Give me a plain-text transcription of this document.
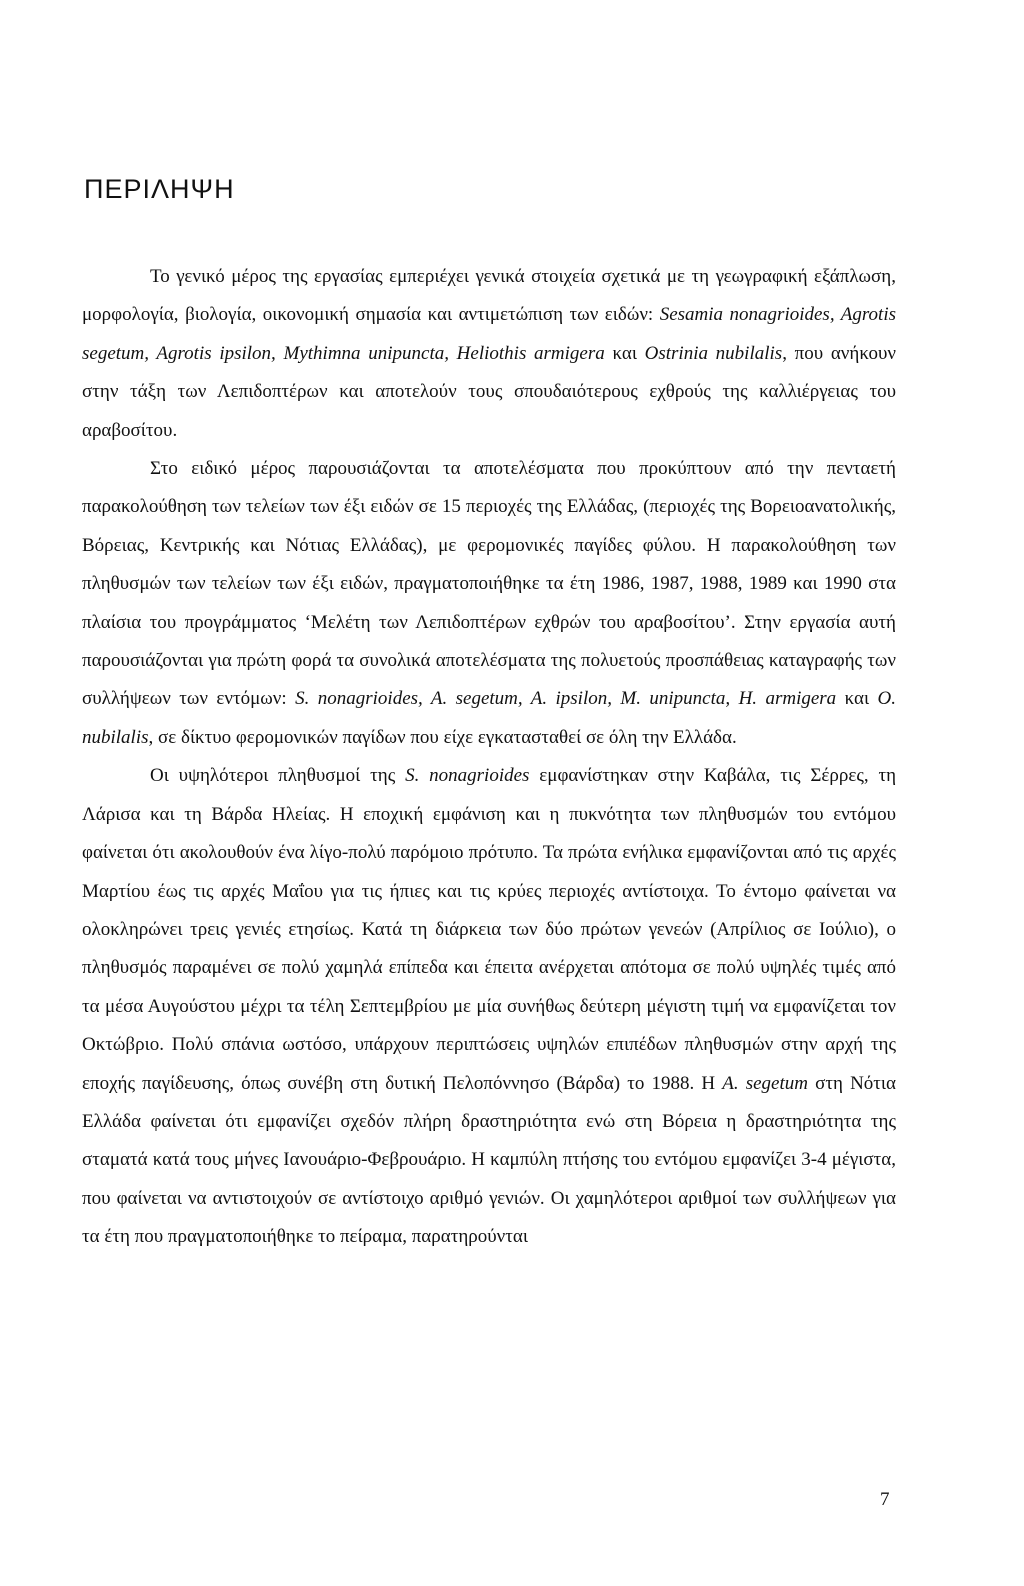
ΠΕΡΙΛΗΨΗ

Το γενικό μέρος της εργασίας εμπεριέχει γενικά στοιχεία σχετικά με τη γεωγραφική εξάπλωση, μορφολογία, βιολογία, οικονομική σημασία και αντιμετώπιση των ειδών: Sesamia nonagrioides, Agrotis segetum, Agrotis ipsilon, Mythimna unipuncta, Heliothis armigera και Ostrinia nubilalis, που ανήκουν στην τάξη των Λεπιδοπτέρων και αποτελούν τους σπουδαιότερους εχθρούς της καλλιέργειας του αραβοσίτου.

Στο ειδικό μέρος παρουσιάζονται τα αποτελέσματα που προκύπτουν από την πενταετή παρακολούθηση των τελείων των έξι ειδών σε 15 περιοχές της Ελλάδας, (περιοχές της Βορειοανατολικής, Βόρειας, Κεντρικής και Νότιας Ελλάδας), με φερομονικές παγίδες φύλου. Η παρακολούθηση των πληθυσμών των τελείων των έξι ειδών, πραγματοποιήθηκε τα έτη 1986, 1987, 1988, 1989 και 1990 στα πλαίσια του προγράμματος ‘Μελέτη των Λεπιδοπτέρων εχθρών του αραβοσίτου’. Στην εργασία αυτή παρουσιάζονται για πρώτη φορά τα συνολικά αποτελέσματα της πολυετούς προσπάθειας καταγραφής των συλλήψεων των εντόμων: S. nonagrioides, A. segetum, A. ipsilon, M. unipuncta, H. armigera και O. nubilalis, σε δίκτυο φερομονικών παγίδων που είχε εγκατασταθεί σε όλη την Ελλάδα.

Οι υψηλότεροι πληθυσμοί της S. nonagrioides εμφανίστηκαν στην Καβάλα, τις Σέρρες, τη Λάρισα και τη Βάρδα Ηλείας. Η εποχική εμφάνιση και η πυκνότητα των πληθυσμών του εντόμου φαίνεται ότι ακολουθούν ένα λίγο-πολύ παρόμοιο πρότυπο. Τα πρώτα ενήλικα εμφανίζονται από τις αρχές Μαρτίου έως τις αρχές Μαΐου για τις ήπιες και τις κρύες περιοχές αντίστοιχα. Το έντομο φαίνεται να ολοκληρώνει τρεις γενιές ετησίως. Κατά τη διάρκεια των δύο πρώτων γενεών (Απρίλιος σε Ιούλιο), ο πληθυσμός παραμένει σε πολύ χαμηλά επίπεδα και έπειτα ανέρχεται απότομα σε πολύ υψηλές τιμές από τα μέσα Αυγούστου μέχρι τα τέλη Σεπτεμβρίου με μία συνήθως δεύτερη μέγιστη τιμή να εμφανίζεται τον Οκτώβριο. Πολύ σπάνια ωστόσο, υπάρχουν περιπτώσεις υψηλών επιπέδων πληθυσμών στην αρχή της εποχής παγίδευσης, όπως συνέβη στη δυτική Πελοπόννησο (Βάρδα) το 1988. Η A. segetum στη Νότια Ελλάδα φαίνεται ότι εμφανίζει σχεδόν πλήρη δραστηριότητα ενώ στη Βόρεια η δραστηριότητα της σταματά κατά τους μήνες Ιανουάριο-Φεβρουάριο. Η καμπύλη πτήσης του εντόμου εμφανίζει 3-4 μέγιστα, που φαίνεται να αντιστοιχούν σε αντίστοιχο αριθμό γενιών. Οι χαμηλότεροι αριθμοί των συλλήψεων για τα έτη που πραγματοποιήθηκε το πείραμα, παρατηρούνται

7
